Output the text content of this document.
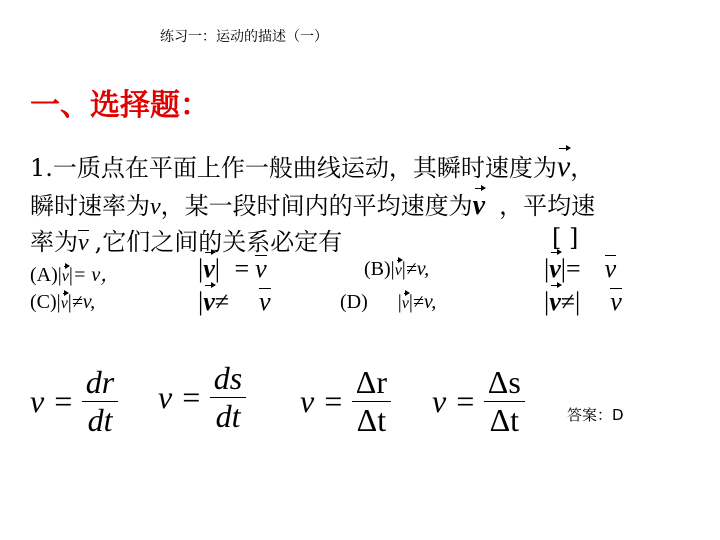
练习一：运动的描述（一）
一、选择题：
1.一质点在平面上作一般曲线运动，其瞬时速度为v，
瞬时速率为v，某一段时间内的平均速度为v ，平均速
率为v ,它们之间的关系必定有	[ ]
(A)|v|= v，	|v| = v	(B)|v|≠v,	|v|= v
(C)|v|≠v,	|v≠ v	(D) |v|≠v,	|v≠| v
$v = \frac{dr}{dt}$ $v = \frac{ds}{dt}$ $v = \frac{\Delta r}{\Delta t}$ $v = \frac{\Delta s}{\Delta t}$	答案：D
